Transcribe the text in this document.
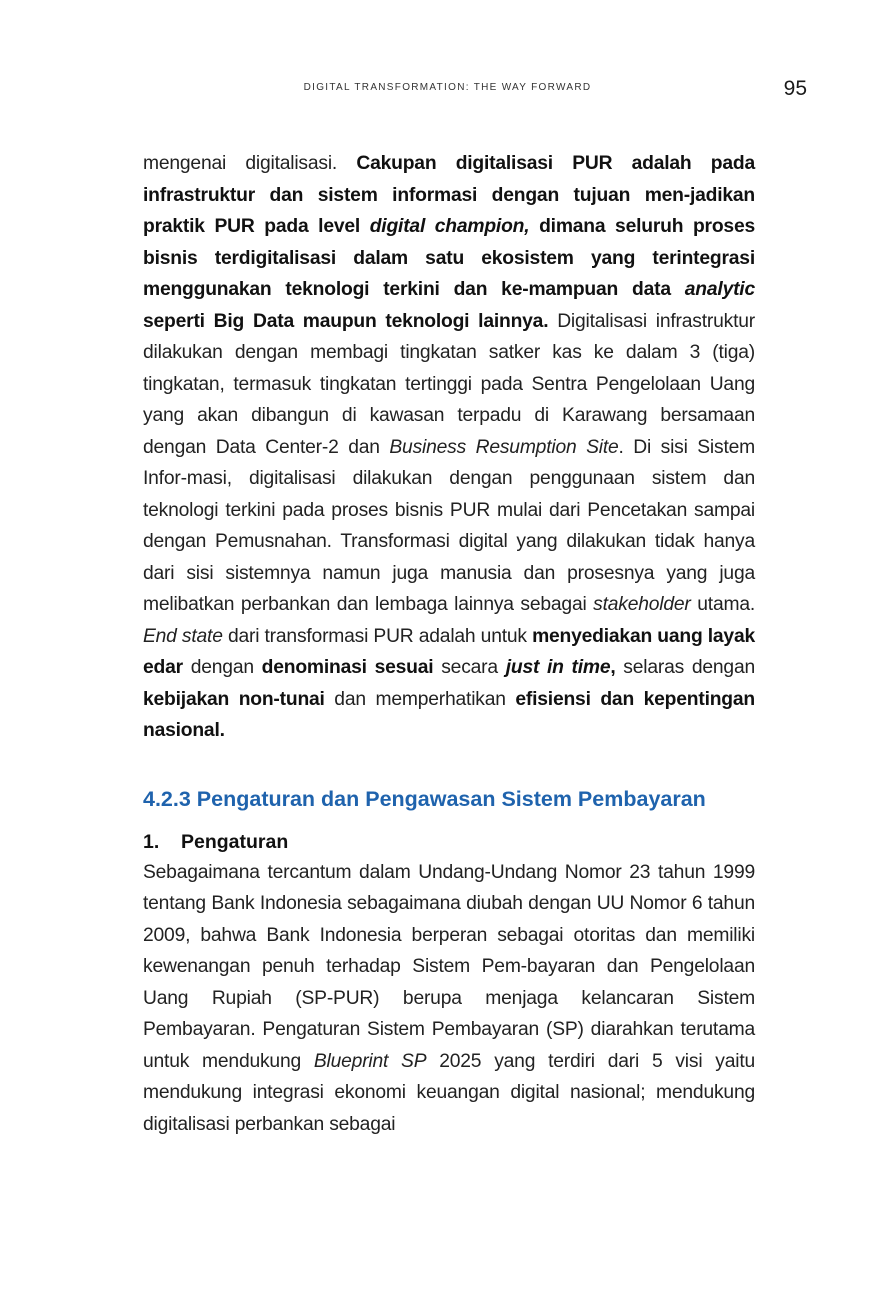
DIGITAL TRANSFORMATION: THE WAY FORWARD	95

mengenai digitalisasi. Cakupan digitalisasi PUR adalah pada infrastruktur dan sistem informasi dengan tujuan men-jadikan praktik PUR pada level digital champion, dimana seluruh proses bisnis terdigitalisasi dalam satu ekosistem yang terintegrasi menggunakan teknologi terkini dan ke-mampuan data analytic seperti Big Data maupun teknologi lainnya. Digitalisasi infrastruktur dilakukan dengan membagi tingkatan satker kas ke dalam 3 (tiga) tingkatan, termasuk tingkatan tertinggi pada Sentra Pengelolaan Uang yang akan dibangun di kawasan terpadu di Karawang bersamaan dengan Data Center-2 dan Business Resumption Site. Di sisi Sistem Infor-masi, digitalisasi dilakukan dengan penggunaan sistem dan teknologi terkini pada proses bisnis PUR mulai dari Pencetakan sampai dengan Pemusnahan. Transformasi digital yang dilakukan tidak hanya dari sisi sistemnya namun juga manusia dan prosesnya yang juga melibatkan perbankan dan lembaga lainnya sebagai stakeholder utama. End state dari transformasi PUR adalah untuk menyediakan uang layak edar dengan denominasi sesuai secara just in time, selaras dengan kebijakan non-tunai dan memperhatikan efisiensi dan kepentingan nasional.

4.2.3 Pengaturan dan Pengawasan Sistem Pembayaran
1. Pengaturan

Sebagaimana tercantum dalam Undang-Undang Nomor 23 tahun 1999 tentang Bank Indonesia sebagaimana diubah dengan UU Nomor 6 tahun 2009, bahwa Bank Indonesia berperan sebagai otoritas dan memiliki kewenangan penuh terhadap Sistem Pem-bayaran dan Pengelolaan Uang Rupiah (SP-PUR) berupa menjaga kelancaran Sistem Pembayaran. Pengaturan Sistem Pembayaran (SP) diarahkan terutama untuk mendukung Blueprint SP 2025 yang terdiri dari 5 visi yaitu mendukung integrasi ekonomi keuangan digital nasional; mendukung digitalisasi perbankan sebagai
